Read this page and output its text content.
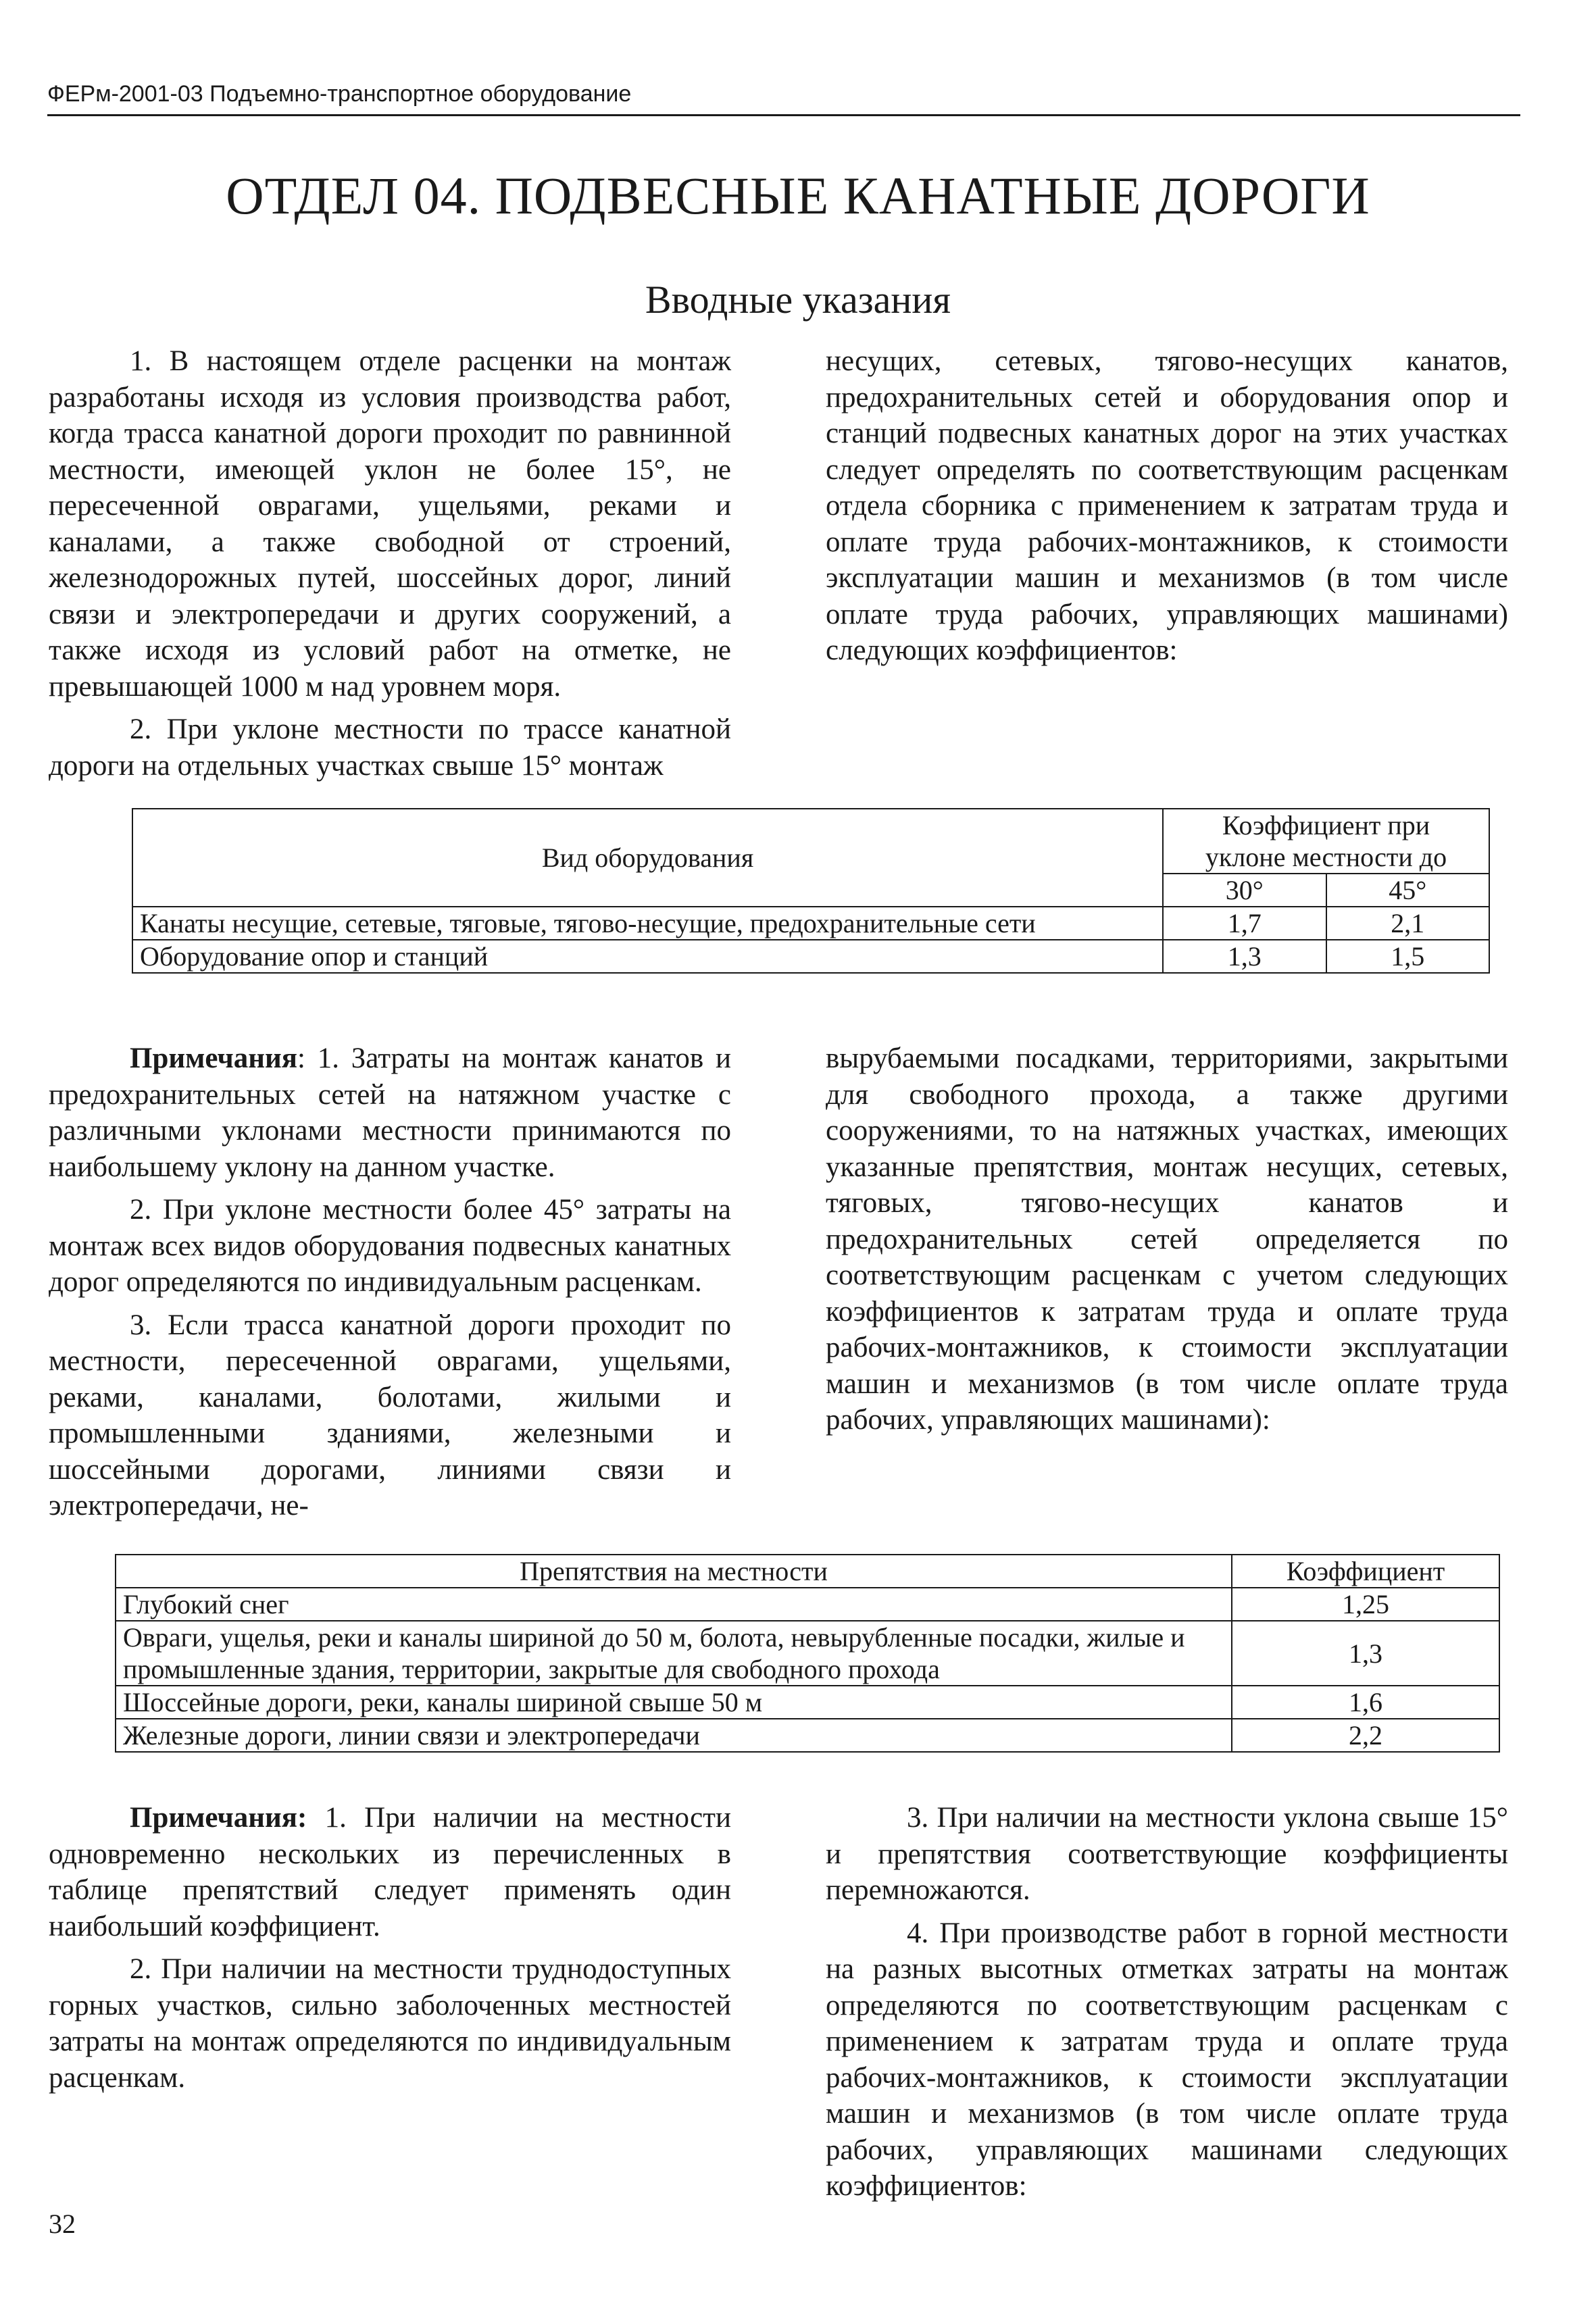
ФЕРм-2001-03 Подъемно-транспортное оборудование
ОТДЕЛ 04. ПОДВЕСНЫЕ КАНАТНЫЕ ДОРОГИ
Вводные указания

1. В настоящем отделе расценки на монтаж разработаны исходя из условия производства работ, когда трасса канатной дороги проходит по равнинной местности, имеющей уклон не более 15°, не пересеченной оврагами, ущельями, реками и каналами, а также свободной от строений, железнодорожных путей, шоссейных дорог, линий связи и электропередачи и других сооружений, а также исходя из условий работ на отметке, не превышающей 1000 м над уровнем моря.

2. При уклоне местности по трассе канатной дороги на отдельных участках свыше 15° монтаж

несущих, сетевых, тягово-несущих канатов, предохранительных сетей и оборудования опор и станций подвесных канатных дорог на этих участках следует определять по соответствующим расценкам отдела сборника с применением к затратам труда и оплате труда рабочих-монтажников, к стоимости эксплуатации машин и механизмов (в том числе оплате труда рабочих, управляющих машинами) следующих коэффициентов:

Вид оборудования	Коэффициент при
уклоне местности до	
	30°	45°
Канаты несущие, сетевые, тяговые, тягово-несущие, предохранительные сети	1,7	2,1
Оборудование опор и станций	1,3	1,5

Примечания: 1. Затраты на монтаж канатов и предохранительных сетей на натяжном участке с различными уклонами местности принимаются по наибольшему уклону на данном участке.

2. При уклоне местности более 45° затраты на монтаж всех видов оборудования подвесных канатных дорог определяются по индивидуальным расценкам.

3. Если трасса канатной дороги проходит по местности, пересеченной оврагами, ущельями, реками, каналами, болотами, жилыми и промышленными зданиями, железными и шоссейными дорогами, линиями связи и электропередачи, не-

вырубаемыми посадками, территориями, закрытыми для свободного прохода, а также другими сооружениями, то на натяжных участках, имеющих указанные препятствия, монтаж несущих, сетевых, тяговых, тягово-несущих канатов и предохранительных сетей определяется по соответствующим расценкам с учетом следующих коэффициентов к затратам труда и оплате труда рабочих-монтажников, к стоимости эксплуатации машин и механизмов (в том числе оплате труда рабочих, управляющих машинами):

Препятствия на местности	Коэффициент
Глубокий снег	1,25
Овраги, ущелья, реки и каналы шириной до 50 м, болота, невырубленные посадки, жилые и промышленные здания, территории, закрытые для свободного прохода	1,3
Шоссейные дороги, реки, каналы шириной свыше 50 м	1,6
Железные дороги, линии связи и электропередачи	2,2

Примечания: 1. При наличии на местности одновременно нескольких из перечисленных в таблице препятствий следует применять один наибольший коэффициент.

2. При наличии на местности труднодоступных горных участков, сильно заболоченных местностей затраты на монтаж определяются по индивидуальным расценкам.

3. При наличии на местности уклона свыше 15° и препятствия соответствующие коэффициенты перемножаются.

4. При производстве работ в горной местности на разных высотных отметках затраты на монтаж определяются по соответствующим расценкам с применением к затратам труда и оплате труда рабочих-монтажников, к стоимости эксплуатации машин и механизмов (в том числе оплате труда рабочих, управляющих машинами следующих коэффициентов:

32
